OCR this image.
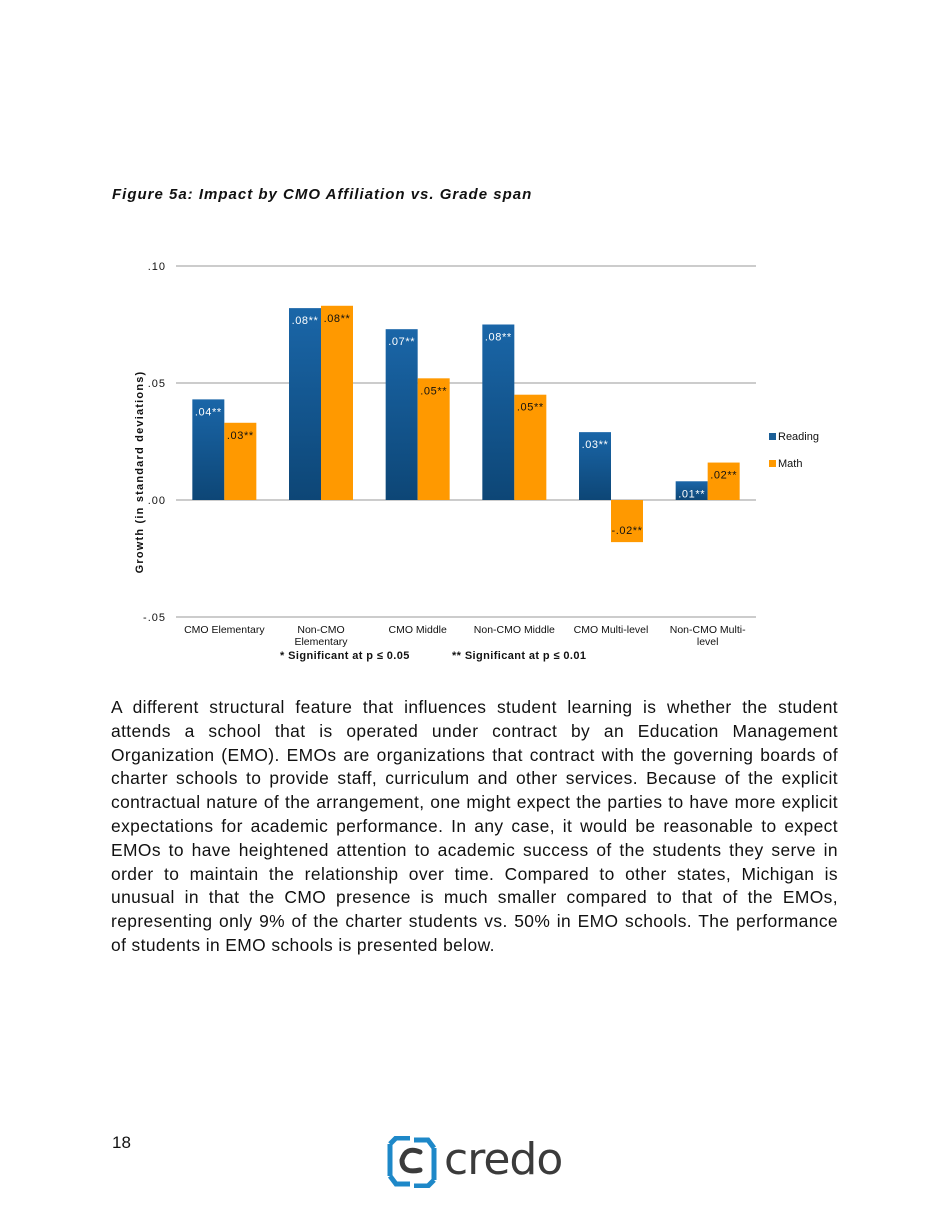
Figure 5a: Impact by CMO Affiliation vs. Grade span
.10
.05
.00
-.05
Growth (in standard deviations)	.04**
.03**
CMO Elementary
.08** .08**
Non-CMO
Elementary
.07**
.05**
CMO Middle
.08**
.05**
Non-CMO Middle
.03**
-.02**
CMO Multi-level
.01**
.02**
Non-CMO Multi-
level
* Significant at p ≤ 0.05	** Significant at p ≤ 0.01
Reading
Math

A different structural feature that influences student learning is whether the student attends a school that is operated under contract by an Education Management Organization (EMO). EMOs are organizations that contract with the governing boards of charter schools to provide staff, curriculum and other services. Because of the explicit contractual nature of the arrangement, one might expect the parties to have more explicit expectations for academic performance. In any case, it would be reasonable to expect EMOs to have heightened attention to academic success of the students they serve in order to maintain the relationship over time. Compared to other states, Michigan is unusual in that the CMO presence is much smaller compared to that of the EMOs, representing only 9% of the charter students vs. 50% in EMO schools. The performance of students in EMO schools is presented below.

18	credo
